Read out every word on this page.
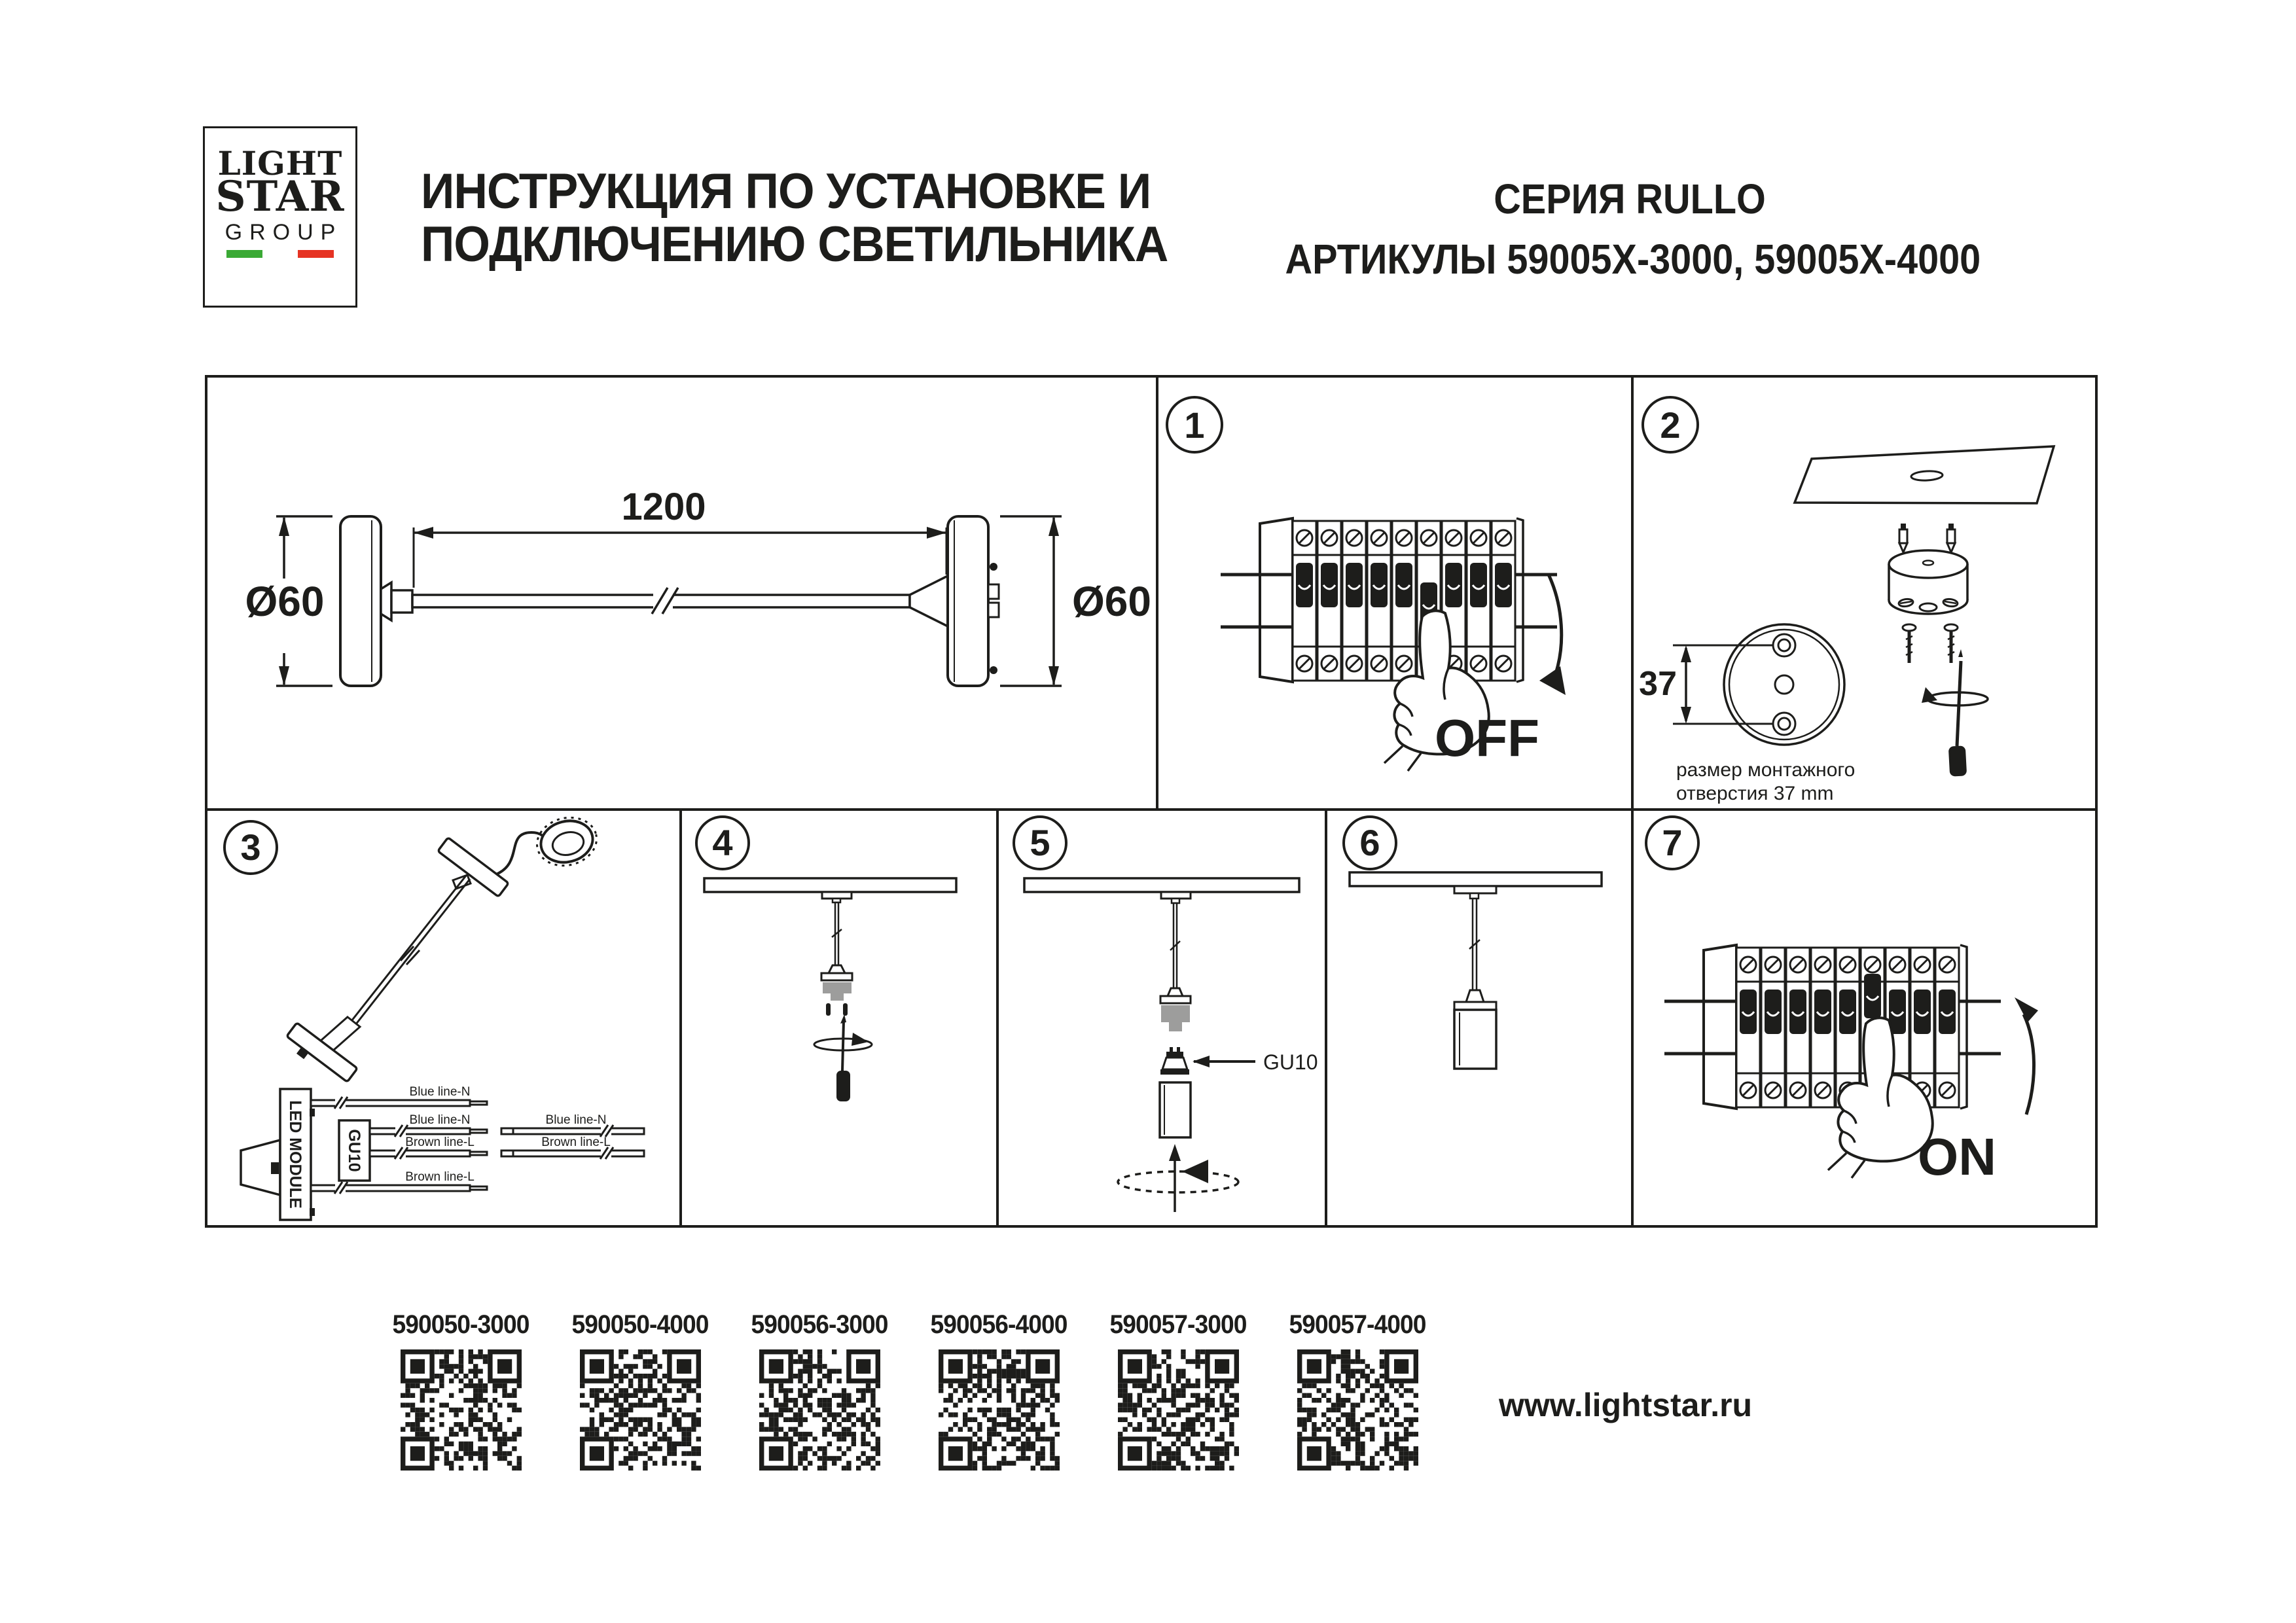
LIGHT
STAR
GROUP
ИНСТРУКЦИЯ ПО УСТАНОВКЕ И
ПОДКЛЮЧЕНИЮ СВЕТИЛЬНИКА
СЕРИЯ RULLO
АРТИКУЛЫ 59005X-3000, 59005X-4000
1200
Ø60	Ø60
1
OFF
2
37
размер монтажного
отверстия 37 mm
3
LED MODULE GU10
Blue line-N
Blue line-N
Brown line-L
Brown line-L
Blue line-N
Brown line-L
4	5
GU10
6	7
ON
590050-3000	590050-4000	590056-3000	590056-4000	590057-3000	590057-4000
www.lightstar.ru
